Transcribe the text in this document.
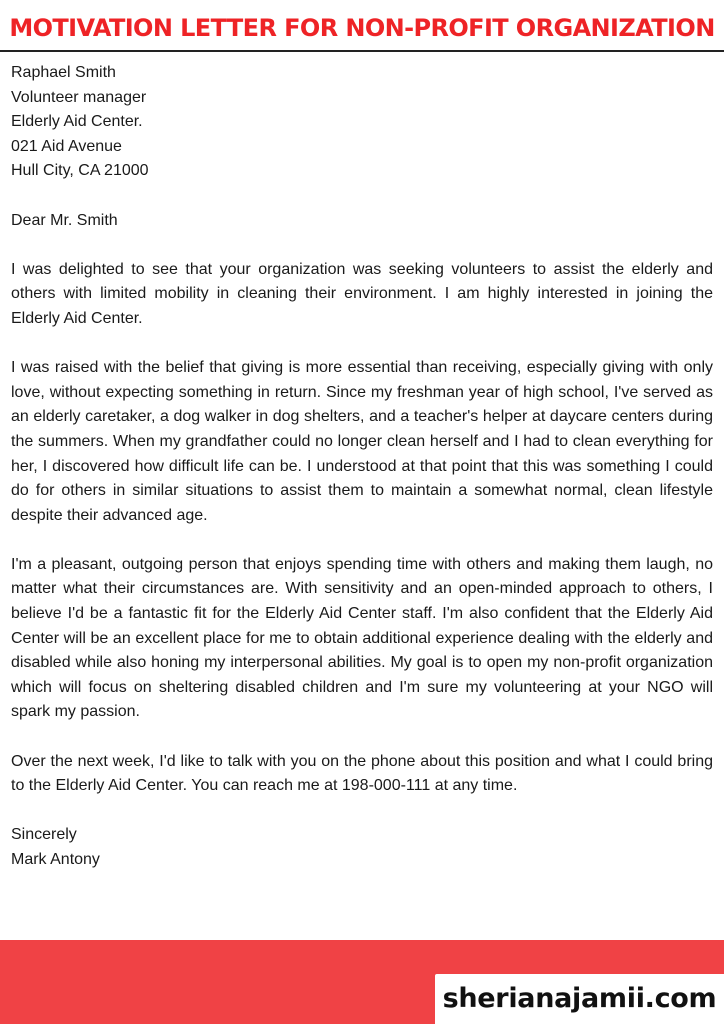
MOTIVATION LETTER FOR NON-PROFIT ORGANIZATION

Raphael Smith

Volunteer manager

Elderly Aid Center.

021 Aid Avenue

Hull City, CA 21000

Dear Mr. Smith

I was delighted to see that your organization was seeking volunteers to assist the elderly and others with limited mobility in cleaning their environment. I am highly interested in joining the Elderly Aid Center.

I was raised with the belief that giving is more essential than receiving, especially giving with only love, without expecting something in return. Since my freshman year of high school, I've served as an elderly caretaker, a dog walker in dog shelters, and a teacher's helper at daycare centers during the summers. When my grandfather could no longer clean herself and I had to clean everything for her, I discovered how difficult life can be. I understood at that point that this was something I could do for others in similar situations to assist them to maintain a somewhat normal, clean lifestyle despite their advanced age.

I'm a pleasant, outgoing person that enjoys spending time with others and making them laugh, no matter what their circumstances are. With sensitivity and an open-minded approach to others, I believe I'd be a fantastic fit for the Elderly Aid Center staff. I'm also confident that the Elderly Aid Center will be an excellent place for me to obtain additional experience dealing with the elderly and disabled while also honing my interpersonal abilities. My goal is to open my non-profit organization which will focus on sheltering disabled children and I'm sure my volunteering at your NGO will spark my passion.

Over the next week, I'd like to talk with you on the phone about this position and what I could bring to the Elderly Aid Center. You can reach me at 198-000-111 at any time.

Sincerely

Mark Antony

sherianajamii.com
